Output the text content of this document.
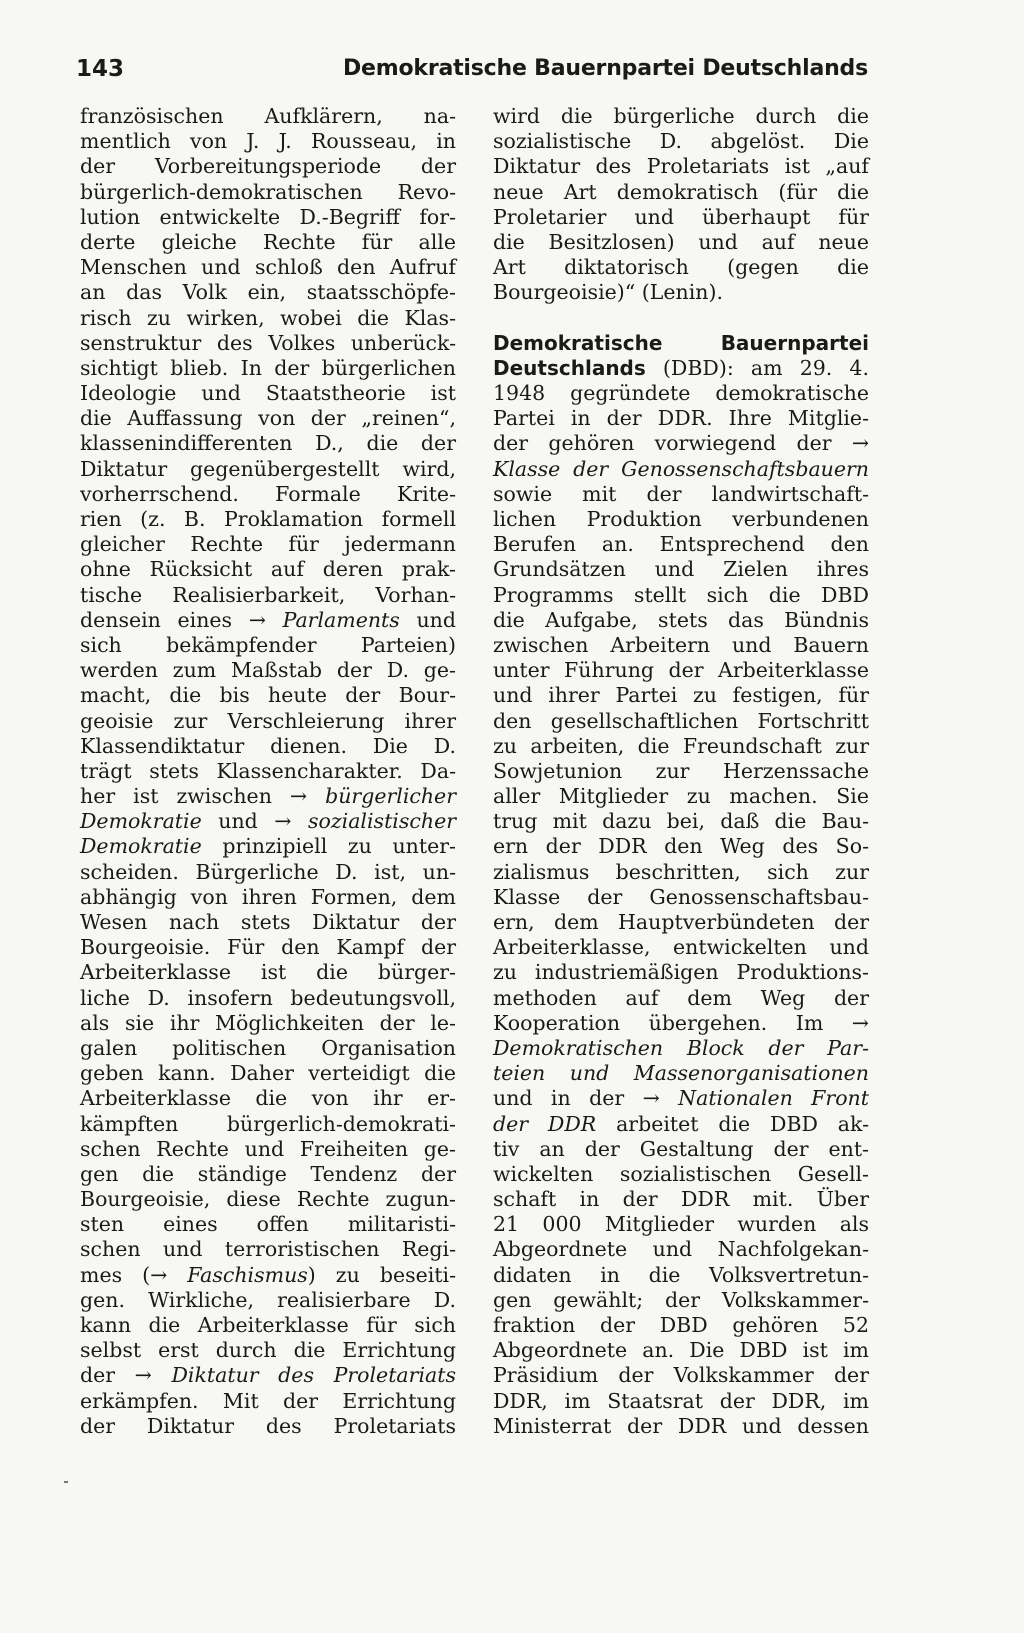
143	Demokratische Bauernpartei Deutschlands
französischen Aufklärern, na-
mentlich von J. J. Rousseau, in
der Vorbereitungsperiode der
bürgerlich-demokratischen Revo-
lution entwickelte D.-Begriff for-
derte gleiche Rechte für alle
Menschen und schloß den Aufruf
an das Volk ein, staatsschöpfe-
risch zu wirken, wobei die Klas-
senstruktur des Volkes unberück-
sichtigt blieb. In der bürgerlichen
Ideologie und Staatstheorie ist
die Auffassung von der „reinen“,
klassenindifferenten D., die der
Diktatur gegenübergestellt wird,
vorherrschend. Formale Krite-
rien (z. B. Proklamation formell
gleicher Rechte für jedermann
ohne Rücksicht auf deren prak-
tische Realisierbarkeit, Vorhan-
densein eines → Parlaments und
sich bekämpfender Parteien)
werden zum Maßstab der D. ge-
macht, die bis heute der Bour-
geoisie zur Verschleierung ihrer
Klassendiktatur dienen. Die D.
trägt stets Klassencharakter. Da-
her ist zwischen → bürgerlicher
Demokratie und → sozialistischer
Demokratie prinzipiell zu unter-
scheiden. Bürgerliche D. ist, un-
abhängig von ihren Formen, dem
Wesen nach stets Diktatur der
Bourgeoisie. Für den Kampf der
Arbeiterklasse ist die bürger-
liche D. insofern bedeutungsvoll,
als sie ihr Möglichkeiten der le-
galen politischen Organisation
geben kann. Daher verteidigt die
Arbeiterklasse die von ihr er-
kämpften bürgerlich-demokrati-
schen Rechte und Freiheiten ge-
gen die ständige Tendenz der
Bourgeoisie, diese Rechte zugun-
sten eines offen militaristi-
schen und terroristischen Regi-
mes (→ Faschismus) zu beseiti-
gen. Wirkliche, realisierbare D.
kann die Arbeiterklasse für sich
selbst erst durch die Errichtung
der → Diktatur des Proletariats
erkämpfen. Mit der Errichtung
der Diktatur des Proletariats
wird die bürgerliche durch die
sozialistische D. abgelöst. Die
Diktatur des Proletariats ist „auf
neue Art demokratisch (für die
Proletarier und überhaupt für
die Besitzlosen) und auf neue
Art diktatorisch (gegen die
Bourgeoisie)“ (Lenin).
Demokratische Bauernpartei
Deutschlands (DBD): am 29. 4.
1948 gegründete demokratische
Partei in der DDR. Ihre Mitglie-
der gehören vorwiegend der →
Klasse der Genossenschaftsbauern
sowie mit der landwirtschaft-
lichen Produktion verbundenen
Berufen an. Entsprechend den
Grundsätzen und Zielen ihres
Programms stellt sich die DBD
die Aufgabe, stets das Bündnis
zwischen Arbeitern und Bauern
unter Führung der Arbeiterklasse
und ihrer Partei zu festigen, für
den gesellschaftlichen Fortschritt
zu arbeiten, die Freundschaft zur
Sowjetunion zur Herzenssache
aller Mitglieder zu machen. Sie
trug mit dazu bei, daß die Bau-
ern der DDR den Weg des So-
zialismus beschritten, sich zur
Klasse der Genossenschaftsbau-
ern, dem Hauptverbündeten der
Arbeiterklasse, entwickelten und
zu industriemäßigen Produktions-
methoden auf dem Weg der
Kooperation übergehen. Im →
Demokratischen Block der Par-
teien und Massenorganisationen
und in der → Nationalen Front
der DDR arbeitet die DBD ak-
tiv an der Gestaltung der ent-
wickelten sozialistischen Gesell-
schaft in der DDR mit. Über
21 000 Mitglieder wurden als
Abgeordnete und Nachfolgekan-
didaten in die Volksvertretun-
gen gewählt; der Volkskammer-
fraktion der DBD gehören 52
Abgeordnete an. Die DBD ist im
Präsidium der Volkskammer der
DDR, im Staatsrat der DDR, im
Ministerrat der DDR und dessen
